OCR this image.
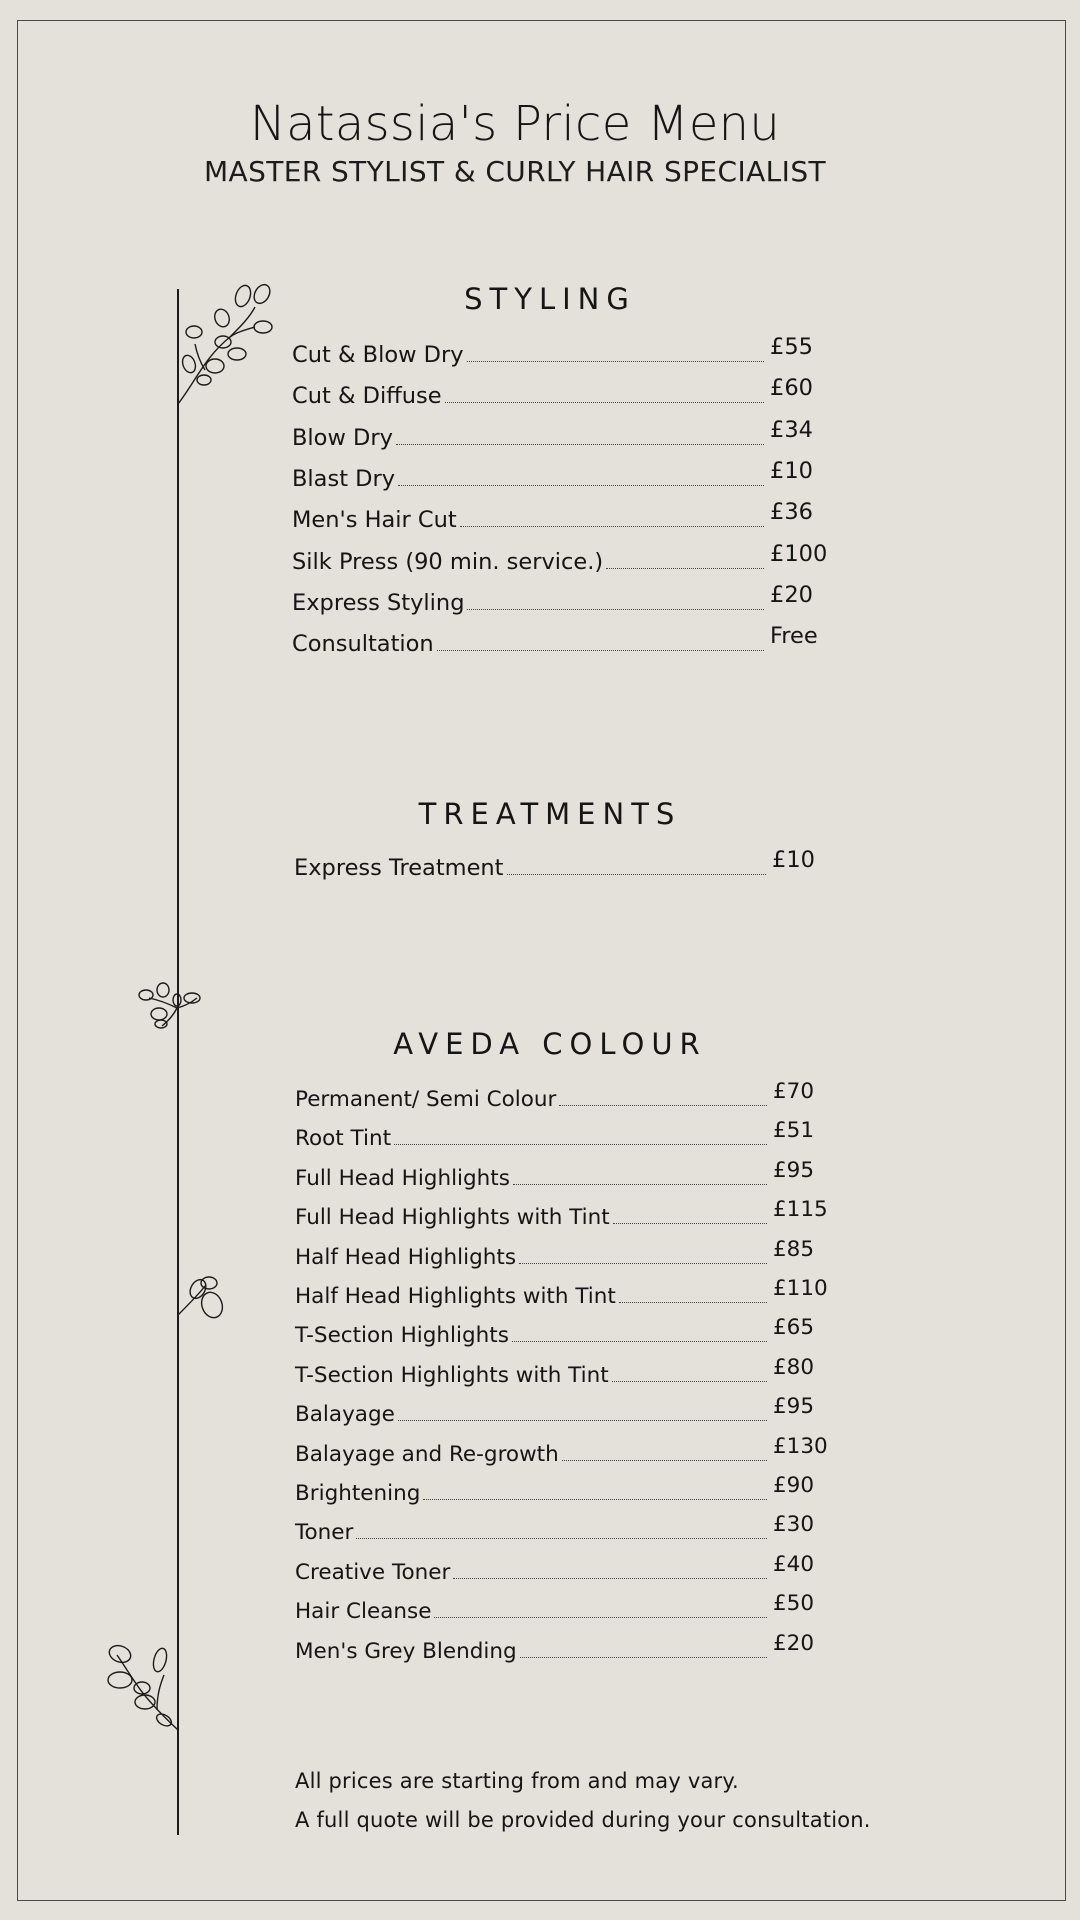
Natassia's Price Menu
MASTER STYLIST & CURLY HAIR SPECIALIST
STYLING
Cut & Blow Dry	£55
Cut & Diffuse	£60
Blow Dry	£34
Blast Dry	£10
Men's Hair Cut	£36
Silk Press (90 min. service.)	£100
Express Styling	£20
Consultation	Free
TREATMENTS
Express Treatment	£10
AVEDA COLOUR
Permanent/ Semi Colour	£70
Root Tint	£51
Full Head Highlights	£95
Full Head Highlights with Tint	£115
Half Head Highlights	£85
Half Head Highlights with Tint	£110
T-Section Highlights	£65
T-Section Highlights with Tint	£80
Balayage	£95
Balayage and Re-growth	£130
Brightening	£90
Toner	£30
Creative Toner	£40
Hair Cleanse	£50
Men's Grey Blending	£20
All prices are starting from and may vary.
A full quote will be provided during your consultation.
